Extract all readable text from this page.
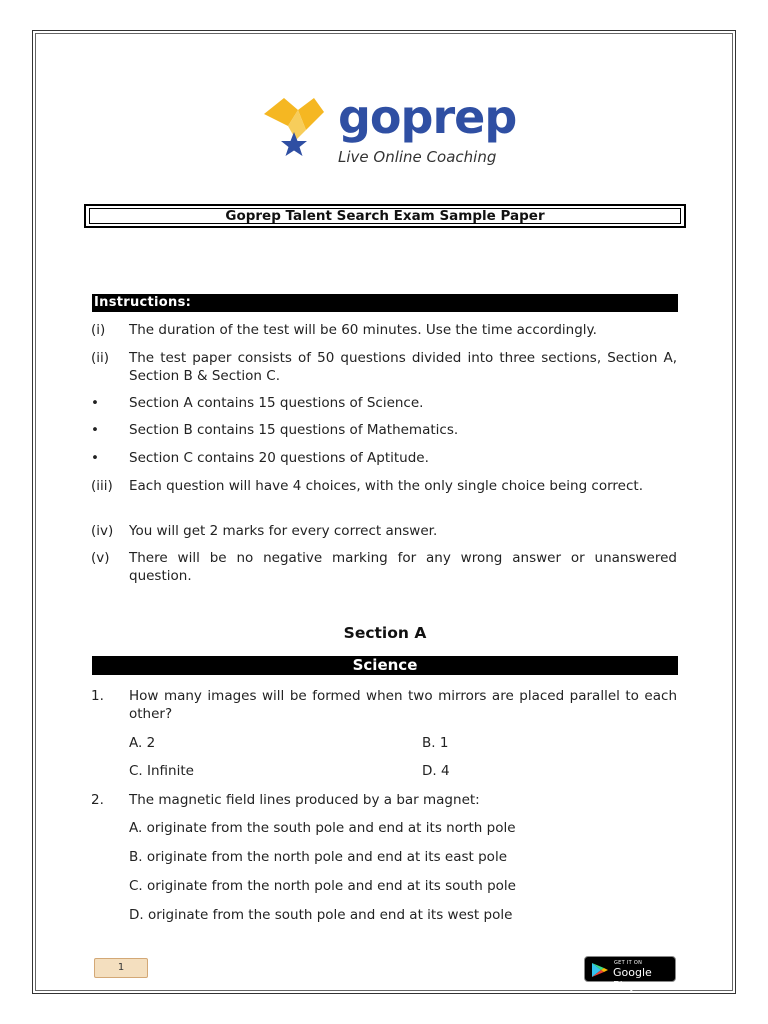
goprep
Live Online Coaching
Goprep Talent Search Exam Sample Paper
Instructions:
(i) The duration of the test will be 60 minutes. Use the time accordingly.
(ii) The test paper consists of 50 questions divided into three sections, Section A, Section B & Section C.
• Section A contains 15 questions of Science.
• Section B contains 15 questions of Mathematics.
• Section C contains 20 questions of Aptitude.
(iii) Each question will have 4 choices, with the only single choice being correct.
(iv) You will get 2 marks for every correct answer.
(v) There will be no negative marking for any wrong answer or unanswered question.
Section A
Science
1. How many images will be formed when two mirrors are placed parallel to each other?
A. 2	B. 1
C. Infinite	D. 4
2. The magnetic field lines produced by a bar magnet:
A. originate from the south pole and end at its north pole
B. originate from the north pole and end at its east pole
C. originate from the north pole and end at its south pole
D. originate from the south pole and end at its west pole
1	GET IT ON
Google Play
